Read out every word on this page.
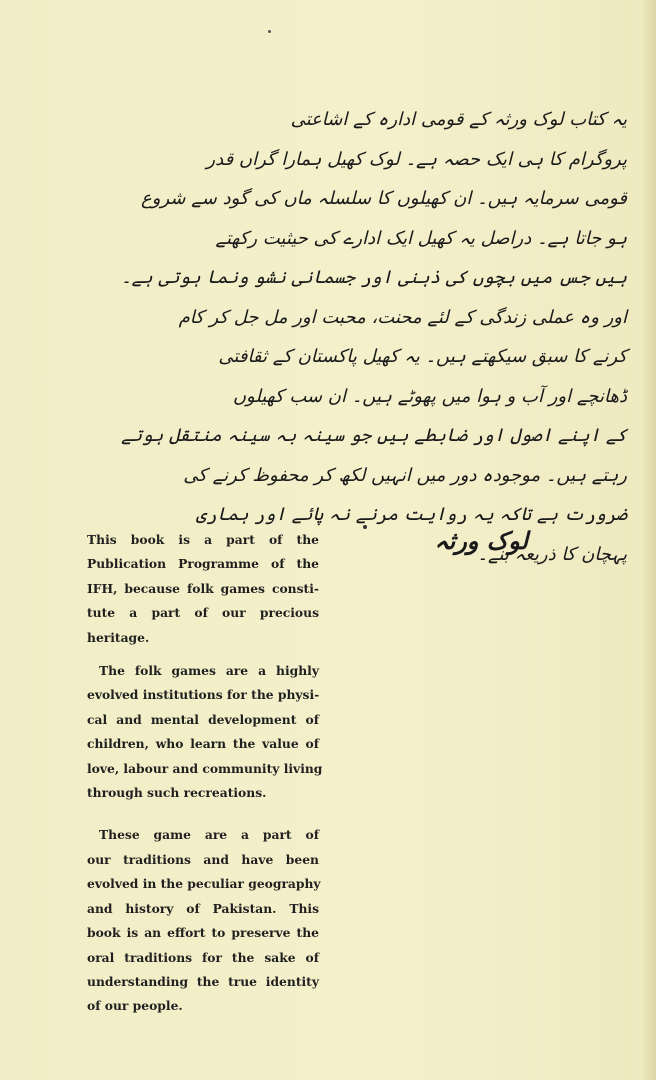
یہ کتاب لوک ورثہ کے قومی ادارہ کے اشاعتی
پروگرام کا ہی ایک حصہ ہے۔ لوک کھیل ہمارا گراں قدر
قومی سرمایہ ہیں۔ ان کھیلوں کا سلسلہ ماں کی گود سے شروع
ہو جاتا ہے۔ دراصل یہ کھیل ایک ادارے کی حیثیت رکھتے
ہیں جس میں بچوں کی ذہنی اور جسمانی نشو ونما ہوتی ہے۔
اور وہ عملی زندگی کے لئے محنت، محبت اور مل جل کر کام
کرنے کا سبق سیکھتے ہیں۔ یہ کھیل پاکستان کے ثقافتی
ڈھانچے اور آب و ہوا میں پھوٹے ہیں۔ ان سب کھیلوں
کے اپنے اصول اور ضابطے ہیں جو سینہ بہ سینہ منتقل ہوتے
رہتے ہیں۔ موجودہ دور میں انہیں لکھ کر محفوظ کرنے کی
ضرورت ہے تاکہ یہ روایت مرنے نہ پائے اور ہماری
پہچان کا ذریعہ بنے۔
لوک ورثہ

This book is a part of the
Publication Programme of the
IFH, because folk games consti-
tute a part of our precious
heritage.

The folk games are a highly
evolved institutions for the physi-
cal and mental development of
children, who learn the value of
love, labour and community living
through such recreations.

These game are a part of
our traditions and have been
evolved in the peculiar geography
and history of Pakistan. This
book is an effort to preserve the
oral traditions for the sake of
understanding the true identity
of our people.
